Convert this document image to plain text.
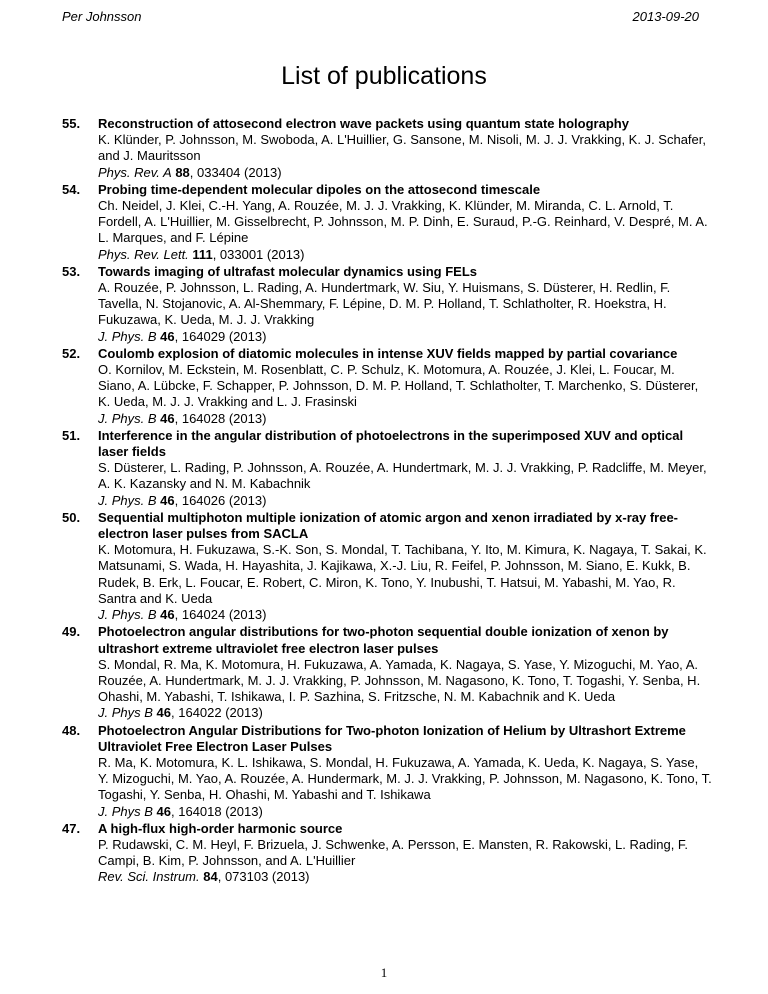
Per Johnsson	2013-09-20
List of publications
55. Reconstruction of attosecond electron wave packets using quantum state holography
K. Klünder, P. Johnsson, M. Swoboda, A. L'Huillier, G. Sansone, M. Nisoli, M. J. J. Vrakking, K. J. Schafer, and J. Mauritsson
Phys. Rev. A 88, 033404 (2013)
54. Probing time-dependent molecular dipoles on the attosecond timescale
Ch. Neidel, J. Klei, C.-H. Yang, A. Rouzée, M. J. J. Vrakking, K. Klünder, M. Miranda, C. L. Arnold, T. Fordell, A. L'Huillier, M. Gisselbrecht, P. Johnsson, M. P. Dinh, E. Suraud, P.-G. Reinhard, V. Despré, M. A. L. Marques, and F. Lépine
Phys. Rev. Lett. 111, 033001 (2013)
53. Towards imaging of ultrafast molecular dynamics using FELs
A. Rouzée, P. Johnsson, L. Rading, A. Hundertmark, W. Siu, Y. Huismans, S. Düsterer, H. Redlin, F. Tavella, N. Stojanovic, A. Al-Shemmary, F. Lépine, D. M. P. Holland, T. Schlatholter, R. Hoekstra, H. Fukuzawa, K. Ueda, M. J. J. Vrakking
J. Phys. B 46, 164029 (2013)
52. Coulomb explosion of diatomic molecules in intense XUV fields mapped by partial covariance
O. Kornilov, M. Eckstein, M. Rosenblatt, C. P. Schulz, K. Motomura, A. Rouzée, J. Klei, L. Foucar, M. Siano, A. Lübcke, F. Schapper, P. Johnsson, D. M. P. Holland, T. Schlatholter, T. Marchenko, S. Düsterer, K. Ueda, M. J. J. Vrakking and L. J. Frasinski
J. Phys. B 46, 164028 (2013)
51. Interference in the angular distribution of photoelectrons in the superimposed XUV and optical laser fields
S. Düsterer, L. Rading, P. Johnsson, A. Rouzée, A. Hundertmark, M. J. J. Vrakking, P. Radcliffe, M. Meyer, A. K. Kazansky and N. M. Kabachnik
J. Phys. B 46, 164026 (2013)
50. Sequential multiphoton multiple ionization of atomic argon and xenon irradiated by x-ray free-electron laser pulses from SACLA
K. Motomura, H. Fukuzawa, S.-K. Son, S. Mondal, T. Tachibana, Y. Ito, M. Kimura, K. Nagaya, T. Sakai, K. Matsunami, S. Wada, H. Hayashita, J. Kajikawa, X.-J. Liu, R. Feifel, P. Johnsson, M. Siano, E. Kukk, B. Rudek, B. Erk, L. Foucar, E. Robert, C. Miron, K. Tono, Y. Inubushi, T. Hatsui, M. Yabashi, M. Yao, R. Santra and K. Ueda
J. Phys. B 46, 164024 (2013)
49. Photoelectron angular distributions for two-photon sequential double ionization of xenon by ultrashort extreme ultraviolet free electron laser pulses
S. Mondal, R. Ma, K. Motomura, H. Fukuzawa, A. Yamada, K. Nagaya, S. Yase, Y. Mizoguchi, M. Yao, A. Rouzée, A. Hundertmark, M. J. J. Vrakking, P. Johnsson, M. Nagasono, K. Tono, T. Togashi, Y. Senba, H. Ohashi, M. Yabashi, T. Ishikawa, I. P. Sazhina, S. Fritzsche, N. M. Kabachnik and K. Ueda
J. Phys B 46, 164022 (2013)
48. Photoelectron Angular Distributions for Two-photon Ionization of Helium by Ultrashort Extreme Ultraviolet Free Electron Laser Pulses
R. Ma, K. Motomura, K. L. Ishikawa, S. Mondal, H. Fukuzawa, A. Yamada, K. Ueda, K. Nagaya, S. Yase, Y. Mizoguchi, M. Yao, A. Rouzée, A. Hundermark, M. J. J. Vrakking, P. Johnsson, M. Nagasono, K. Tono, T. Togashi, Y. Senba, H. Ohashi, M. Yabashi and T. Ishikawa
J. Phys B 46, 164018 (2013)
47. A high-flux high-order harmonic source
P. Rudawski, C. M. Heyl, F. Brizuela, J. Schwenke, A. Persson, E. Mansten, R. Rakowski, L. Rading, F. Campi, B. Kim, P. Johnsson, and A. L'Huillier
Rev. Sci. Instrum. 84, 073103 (2013)
1
